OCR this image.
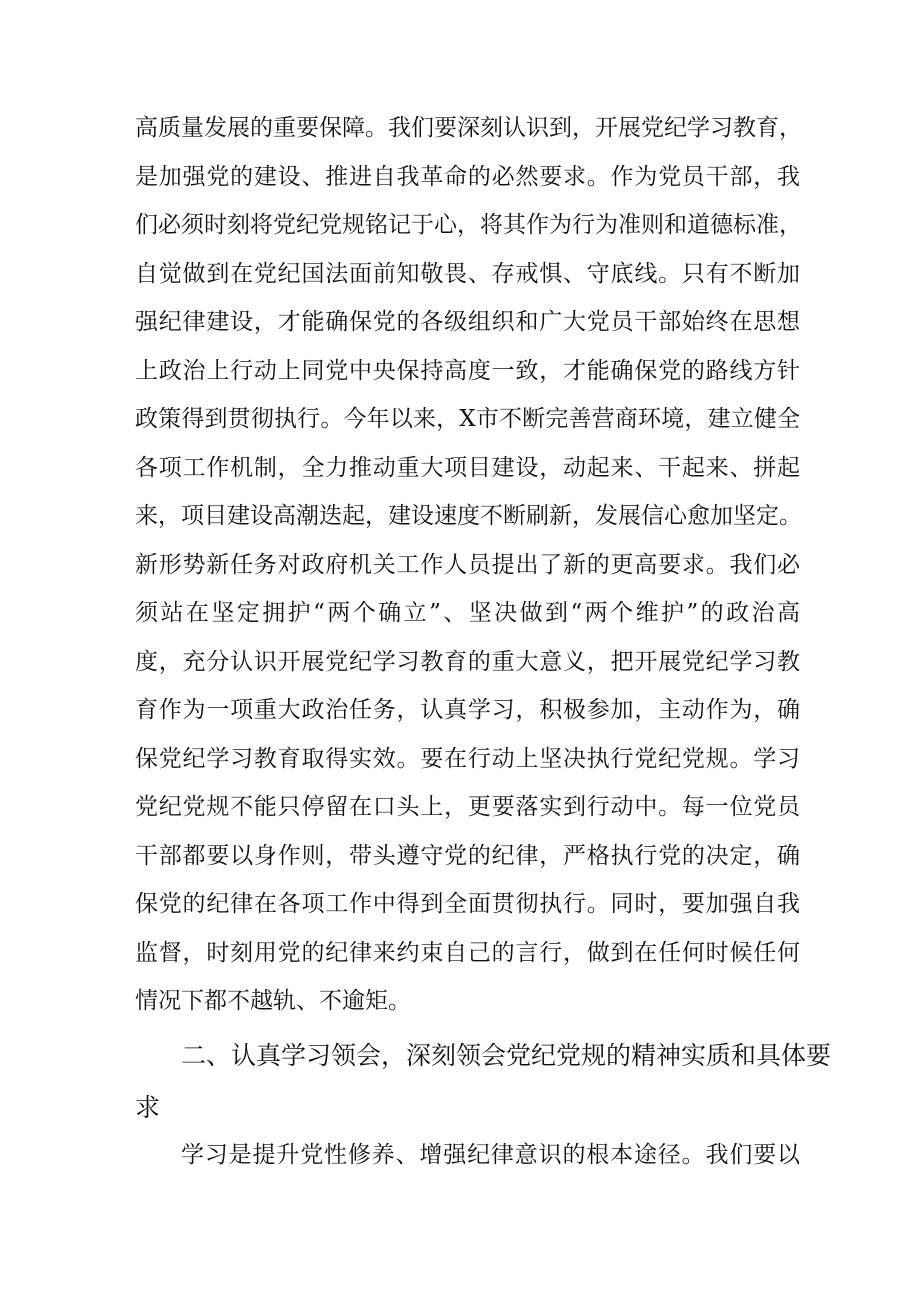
高质量发展的重要保障。我们要深刻认识到，开展党纪学习教育，
是加强党的建设、推进自我革命的必然要求。作为党员干部，我
们必须时刻将党纪党规铭记于心，将其作为行为准则和道德标准，
自觉做到在党纪国法面前知敬畏、存戒惧、守底线。只有不断加
强纪律建设，才能确保党的各级组织和广大党员干部始终在思想
上政治上行动上同党中央保持高度一致，才能确保党的路线方针
政策得到贯彻执行。今年以来，X市不断完善营商环境，建立健全
各项工作机制，全力推动重大项目建设，动起来、干起来、拼起
来，项目建设高潮迭起，建设速度不断刷新，发展信心愈加坚定。
新形势新任务对政府机关工作人员提出了新的更高要求。我们必
须站在坚定拥护“两个确立”、坚决做到“两个维护”的政治高
度，充分认识开展党纪学习教育的重大意义，把开展党纪学习教
育作为一项重大政治任务，认真学习，积极参加，主动作为，确
保党纪学习教育取得实效。要在行动上坚决执行党纪党规。学习
党纪党规不能只停留在口头上，更要落实到行动中。每一位党员
干部都要以身作则，带头遵守党的纪律，严格执行党的决定，确
保党的纪律在各项工作中得到全面贯彻执行。同时，要加强自我
监督，时刻用党的纪律来约束自己的言行，做到在任何时候任何
情况下都不越轨、不逾矩。
二、认真学习领会，深刻领会党纪党规的精神实质和具体要
求
学习是提升党性修养、增强纪律意识的根本途径。我们要以
